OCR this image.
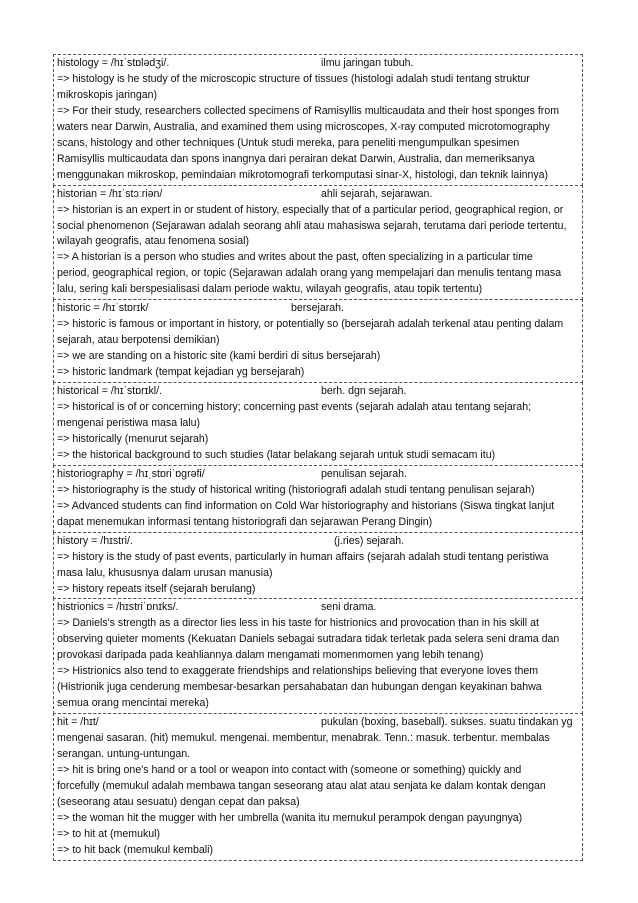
histology = /hɪˈstɒlədʒi/.	ilmu jaringan tubuh.
=> histology is he study of the microscopic structure of tissues (histologi adalah studi tentang struktur
mikroskopis jaringan)
=> For their study, researchers collected specimens of Ramisyllis multicaudata and their host sponges from
waters near Darwin, Australia, and examined them using microscopes, X-ray computed microtomography
scans, histology and other techniques (Untuk studi mereka, para peneliti mengumpulkan spesimen
Ramisyllis multicaudata dan spons inangnya dari perairan dekat Darwin, Australia, dan memeriksanya
menggunakan mikroskop, pemindaian mikrotomografi terkomputasi sinar-X, histologi, dan teknik lainnya)
historian = /hɪˈstɔːriən/	ahli sejarah, sejarawan.
=> historian is an expert in or student of history, especially that of a particular period, geographical region, or
social phenomenon (Sejarawan adalah seorang ahli atau mahasiswa sejarah, terutama dari periode tertentu,
wilayah geografis, atau fenomena sosial)
=> A historian is a person who studies and writes about the past, often specializing in a particular time
period, geographical region, or topic (Sejarawan adalah orang yang mempelajari dan menulis tentang masa
lalu, sering kali berspesialisasi dalam periode waktu, wilayah geografis, atau topik tertentu)
historic = /hɪˈstɒrɪk/	bersejarah.
=> historic is famous or important in history, or potentially so (bersejarah adalah terkenal atau penting dalam
sejarah, atau berpotensi demikian)
=> we are standing on a historic site (kami berdiri di situs bersejarah)
=> historic landmark (tempat kejadian yg bersejarah)
historical = /hɪˈstɒrɪkl/.	berh. dgn sejarah.
=> historical is of or concerning history; concerning past events (sejarah adalah atau tentang sejarah;
mengenai peristiwa masa lalu)
=> historically (menurut sejarah)
=> the historical background to such studies (latar belakang sejarah untuk studi semacam itu)
historiography = /hɪˌstɒriˈɒgrəfi/	penulisan sejarah.
=> historiography is the study of historical writing (historiografi adalah studi tentang penulisan sejarah)
=> Advanced students can find information on Cold War historiography and historians (Siswa tingkat lanjut
dapat menemukan informasi tentang historiografi dan sejarawan Perang Dingin)
history = /hɪstri/.	(j.ries) sejarah.
=> history is the study of past events, particularly in human affairs (sejarah adalah studi tentang peristiwa
masa lalu, khususnya dalam urusan manusia)
=> history repeats itself (sejarah berulang)
histrionics = /hɪstriˈɒnɪks/.	seni drama.
=> Daniels's strength as a director lies less in his taste for histrionics and provocation than in his skill at
observing quieter moments (Kekuatan Daniels sebagai sutradara tidak terletak pada selera seni drama dan
provokasi daripada pada keahliannya dalam mengamati momenmomen yang lebih tenang)
=> Histrionics also tend to exaggerate friendships and relationships believing that everyone loves them
(Histrionik juga cenderung membesar-besarkan persahabatan dan hubungan dengan keyakinan bahwa
semua orang mencintai mereka)
hit = /hɪt/	pukulan (boxing, baseball). sukses. suatu tindakan yg
mengenai sasaran. (hit) memukul. mengenai. membentur, menabrak. Tenn.: masuk. terbentur. membalas
serangan. untung-untungan.
=> hit is bring one's hand or a tool or weapon into contact with (someone or something) quickly and
forcefully (memukul adalah membawa tangan seseorang atau alat atau senjata ke dalam kontak dengan
(seseorang atau sesuatu) dengan cepat dan paksa)
=> the woman hit the mugger with her umbrella (wanita itu memukul perampok dengan payungnya)
=> to hit at (memukul)
=> to hit back (memukul kembali)
